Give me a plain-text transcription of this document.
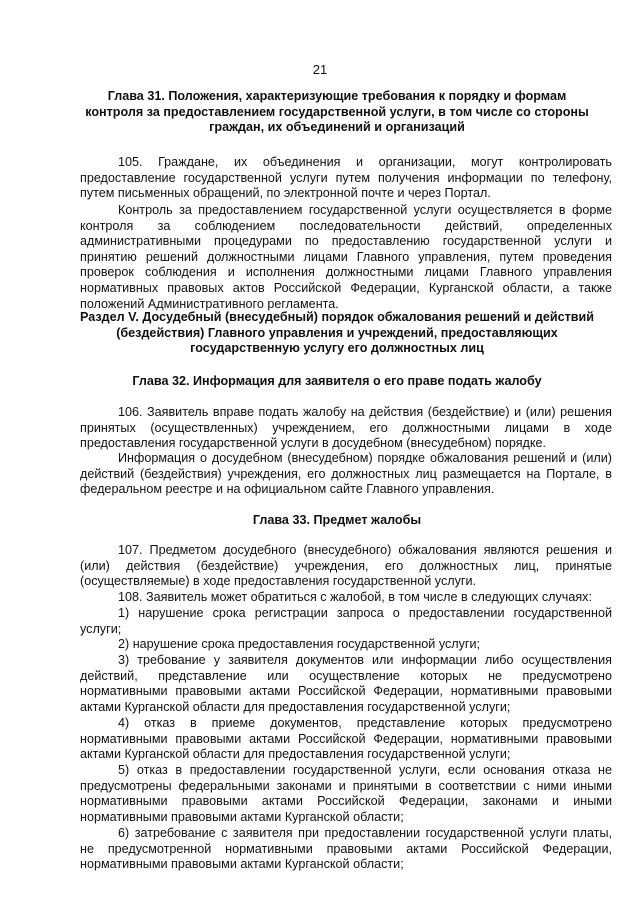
21
Глава 31. Положения, характеризующие требования к порядку и формам
контроля за предоставлением государственной услуги, в том числе со стороны
граждан, их объединений и организаций
105. Граждане, их объединения и организации, могут контролировать предоставление государственной услуги путем получения информации по телефону, путем письменных обращений, по электронной почте и через Портал.
Контроль за предоставлением государственной услуги осуществляется в форме контроля за соблюдением последовательности действий, определенных административными процедурами по предоставлению государственной услуги и принятию решений должностными лицами Главного управления, путем проведения проверок соблюдения и исполнения должностными лицами Главного управления нормативных правовых актов Российской Федерации, Курганской области, а также положений Административного регламента.
Раздел V. Досудебный (внесудебный) порядок обжалования решений и действий
(бездействия) Главного управления и учреждений, предоставляющих
государственную услугу его должностных лиц
Глава 32. Информация для заявителя о его праве подать жалобу
106. Заявитель вправе подать жалобу на действия (бездействие) и (или) решения принятых (осуществленных) учреждением, его должностными лицами в ходе предоставления государственной услуги в досудебном (внесудебном) порядке.
Информация о досудебном (внесудебном) порядке обжалования решений и (или) действий (бездействия) учреждения, его должностных лиц размещается на Портале, в федеральном реестре и на официальном сайте Главного управления.
Глава 33. Предмет жалобы
107. Предметом досудебного (внесудебного) обжалования являются решения и (или) действия (бездействие) учреждения, его должностных лиц, принятые (осуществляемые) в ходе предоставления государственной услуги.
108. Заявитель может обратиться с жалобой, в том числе в следующих случаях:
1) нарушение срока регистрации запроса о предоставлении государственной
услуги;
2) нарушение срока предоставления государственной услуги;
3) требование у заявителя документов или информации либо осуществления
действий, представление или осуществление которых не предусмотрено
нормативными правовыми актами Российской Федерации, нормативными правовыми
актами Курганской области для предоставления государственной услуги;
4) отказ в приеме документов, представление которых предусмотрено
нормативными правовыми актами Российской Федерации, нормативными правовыми
актами Курганской области для предоставления государственной услуги;
5) отказ в предоставлении государственной услуги, если основания отказа не
предусмотрены федеральными законами и принятыми в соответствии с ними иными
нормативными правовыми актами Российской Федерации, законами и иными
нормативными правовыми актами Курганской области;
6) затребование с заявителя при предоставлении государственной услуги платы,
не предусмотренной нормативными правовыми актами Российской Федерации,
нормативными правовыми актами Курганской области;
